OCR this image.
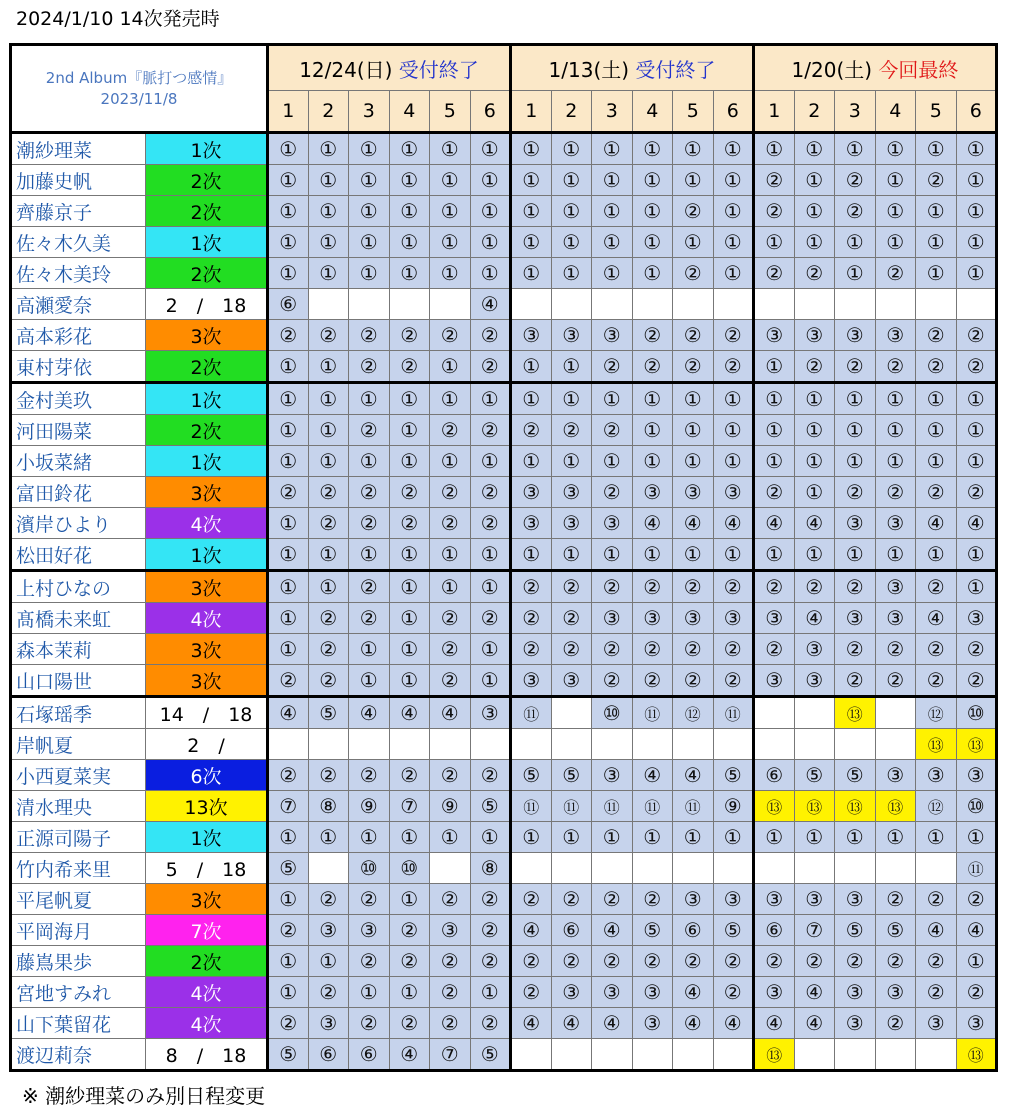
2024/1/10 14次発売時
2nd Album『脈打つ感情』
2023/11/8		12/24(日) 受付終了						1/13(土) 受付終了						1/20(土) 今回最終					
		1	2	3	4	5	6	1	2	3	4	5	6	1	2	3	4	5	6
潮紗理菜	1次	①	①	①	①	①	①	①	①	①	①	①	①	①	①	①	①	①	①
加藤史帆	2次	①	①	①	①	①	①	①	①	①	①	①	①	②	①	②	①	②	①
齊藤京子	2次	①	①	①	①	①	①	①	①	①	①	②	①	②	①	②	①	①	①
佐々木久美	1次	①	①	①	①	①	①	①	①	①	①	①	①	①	①	①	①	①	①
佐々木美玲	2次	①	①	①	①	①	①	①	①	①	①	②	①	②	②	①	②	①	①
高瀬愛奈	2　/　18	⑥					④												
高本彩花	3次	②	②	②	②	②	②	③	③	③	②	②	②	③	③	③	③	②	②
東村芽依	2次	①	①	②	②	①	②	①	①	②	②	②	②	①	②	②	②	②	②
金村美玖	1次	①	①	①	①	①	①	①	①	①	①	①	①	①	①	①	①	①	①
河田陽菜	2次	①	①	②	①	②	②	②	②	②	①	①	①	①	①	①	①	①	①
小坂菜緒	1次	①	①	①	①	①	①	①	①	①	①	①	①	①	①	①	①	①	①
富田鈴花	3次	②	②	②	②	②	②	③	③	②	③	③	③	②	①	②	②	②	②
濱岸ひより	4次	①	②	②	②	②	②	③	③	③	④	④	④	④	④	③	③	④	④
松田好花	1次	①	①	①	①	①	①	①	①	①	①	①	①	①	①	①	①	①	①
上村ひなの	3次	①	①	②	①	①	①	②	②	②	②	②	②	②	②	②	③	②	①
髙橋未来虹	4次	①	②	②	①	②	②	②	②	③	③	③	③	③	④	③	③	④	③
森本茉莉	3次	①	②	①	①	②	①	②	②	②	②	②	②	②	③	②	②	②	②
山口陽世	3次	②	②	①	①	②	①	③	③	②	②	②	②	③	③	②	②	②	②
石塚瑶季	14　/　18	④	⑤	④	④	④	③	⑪		⑩	⑪	⑫	⑪			⑬		⑫	⑩
岸帆夏	2　/																	⑬	⑬
小西夏菜実	6次	②	②	②	②	②	②	⑤	⑤	③	④	④	⑤	⑥	⑤	⑤	③	③	③
清水理央	13次	⑦	⑧	⑨	⑦	⑨	⑤	⑪	⑪	⑪	⑪	⑪	⑨	⑬	⑬	⑬	⑬	⑫	⑩
正源司陽子	1次	①	①	①	①	①	①	①	①	①	①	①	①	①	①	①	①	①	①
竹内希来里	5　/　18	⑤		⑩	⑩		⑧												⑪
平尾帆夏	3次	①	②	②	①	②	②	②	②	②	②	③	③	③	③	③	②	②	②
平岡海月	7次	②	③	③	②	③	②	④	⑥	④	⑤	⑥	⑤	⑥	⑦	⑤	⑤	④	④
藤嶌果歩	2次	①	①	②	②	②	②	②	②	②	②	②	②	②	②	②	②	②	①
宮地すみれ	4次	①	②	①	①	②	①	②	③	③	③	④	②	③	④	③	③	②	②
山下葉留花	4次	②	③	②	②	②	②	④	④	④	③	④	④	④	④	③	②	③	③
渡辺莉奈	8　/　18	⑤	⑥	⑥	④	⑦	⑤							⑬					⑬
※ 潮紗理菜のみ別日程変更
